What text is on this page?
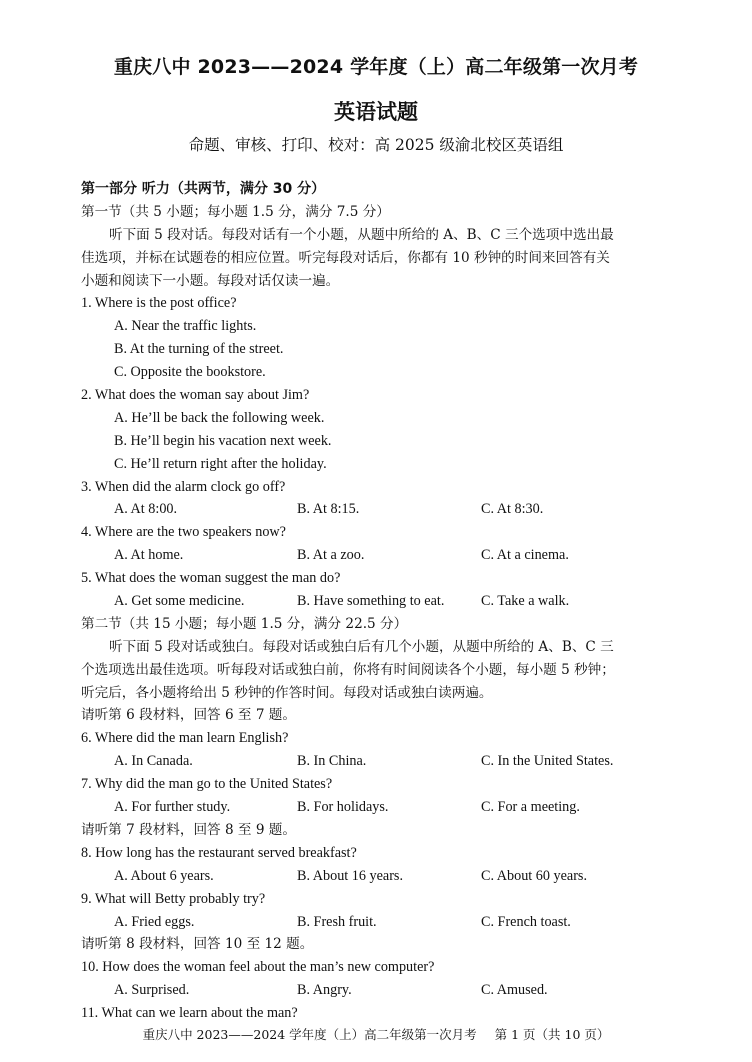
重庆八中 2023——2024 学年度（上）高二年级第一次月考
英语试题
命题、审核、打印、校对：高 2025 级渝北校区英语组
第一部分 听力（共两节，满分 30 分）
第一节（共 5 小题；每小题 1.5 分，满分 7.5 分）
听下面 5 段对话。每段对话有一个小题，从题中所给的 A、B、C 三个选项中选出最
佳选项，并标在试题卷的相应位置。听完每段对话后，你都有 10 秒钟的时间来回答有关
小题和阅读下一小题。每段对话仅读一遍。
1. Where is the post office?
A. Near the traffic lights.
B. At the turning of the street.
C. Opposite the bookstore.
2. What does the woman say about Jim?
A. He’ll be back the following week.
B. He’ll begin his vacation next week.
C. He’ll return right after the holiday.
3. When did the alarm clock go off?
A. At 8:00.	B. At 8:15.	C. At 8:30.
4. Where are the two speakers now?
A. At home.	B. At a zoo.	C. At a cinema.
5. What does the woman suggest the man do?
A. Get some medicine.	B. Have something to eat.	C. Take a walk.
第二节（共 15 小题；每小题 1.5 分，满分 22.5 分）
听下面 5 段对话或独白。每段对话或独白后有几个小题，从题中所给的 A、B、C 三
个选项选出最佳选项。听每段对话或独白前，你将有时间阅读各个小题，每小题 5 秒钟；
听完后，各小题将给出 5 秒钟的作答时间。每段对话或独白读两遍。
请听第 6 段材料，回答 6 至 7 题。
6. Where did the man learn English?
A. In Canada.	B. In China.	C. In the United States.
7. Why did the man go to the United States?
A. For further study.	B. For holidays.	C. For a meeting.
请听第 7 段材料，回答 8 至 9 题。
8. How long has the restaurant served breakfast?
A. About 6 years.	B. About 16 years.	C. About 60 years.
9. What will Betty probably try?
A. Fried eggs.	B. Fresh fruit.	C. French toast.
请听第 8 段材料，回答 10 至 12 题。
10. How does the woman feel about the man’s new computer?
A. Surprised.	B. Angry.	C. Amused.
11. What can we learn about the man?
重庆八中 2023——2024 学年度（上）高二年级第一次月考 第 1 页（共 10 页）
